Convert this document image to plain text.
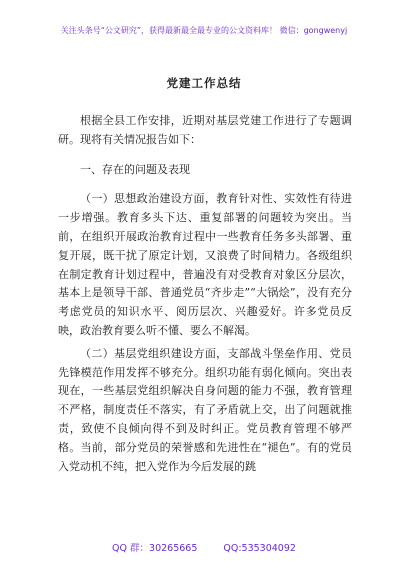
关注头条号“公文研究”，获得最新最全最专业的公文资料库！ 微信：gongwenyj
党建工作总结

根据全县工作安排，近期对基层党建工作进行了专题调研。现将有关情况报告如下：

一、存在的问题及表现

（一）思想政治建设方面，教育针对性、实效性有待进一步增强。教育多头下达、重复部署的问题较为突出。当前，在组织开展政治教育过程中一些教育任务多头部署、重复开展，既干扰了原定计划，又浪费了时间精力。各级组织在制定教育计划过程中，普遍没有对受教育对象区分层次，基本上是领导干部、普通党员“齐步走”“大锅烩”，没有充分考虑党员的知识水平、阅历层次、兴趣爱好。许多党员反映，政治教育要么听不懂、要么不解渴。

（二）基层党组织建设方面，支部战斗堡垒作用、党员先锋模范作用发挥不够充分。组织功能有弱化倾向。突出表现在，一些基层党组织解决自身问题的能力不强，教育管理不严格，制度责任不落实，有了矛盾就上交，出了问题就推责，致使不良倾向得不到及时纠正。党员教育管理不够严格。当前，部分党员的荣誉感和先进性在“褪色”。有的党员入党动机不纯，把入党作为今后发展的跳

QQ 群：30265665	QQ:535304092
